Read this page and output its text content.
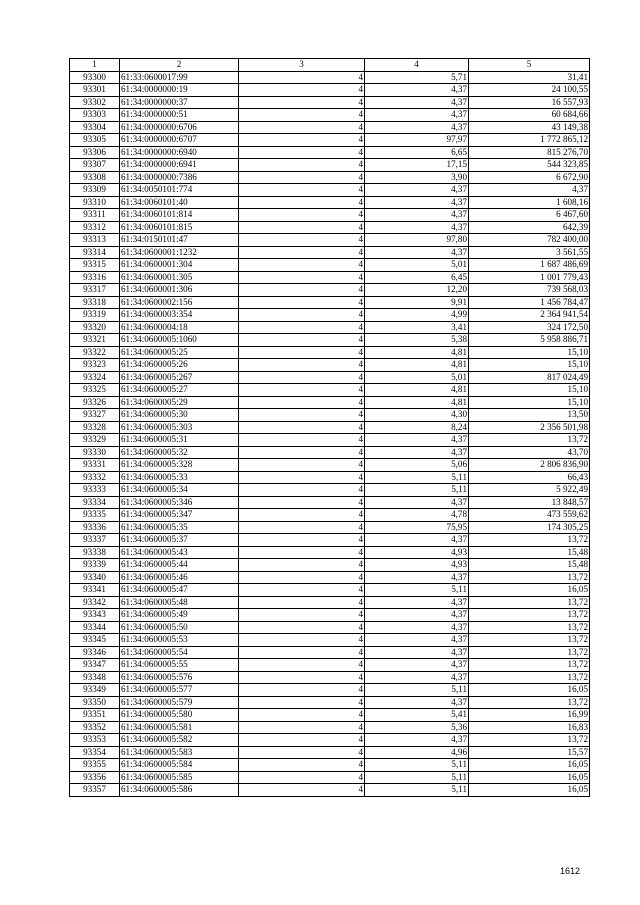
1	2	3	4	5
93300	61:33:0600017:99	4	5,71	31,41
93301	61:34:0000000:19	4	4,37	24 100,55
93302	61:34:0000000:37	4	4,37	16 557,93
93303	61:34:0000000:51	4	4,37	60 684,66
93304	61:34:0000000:6706	4	4,37	43 149,38
93305	61:34:0000000:6707	4	97,97	1 772 865,12
93306	61:34:0000000:6940	4	6,65	815 276,70
93307	61:34:0000000:6941	4	17,15	544 323,85
93308	61:34:0000000:7386	4	3,90	6 672,90
93309	61:34:0050101:774	4	4,37	4,37
93310	61:34:0060101:40	4	4,37	1 608,16
93311	61:34:0060101:814	4	4,37	6 467,60
93312	61:34:0060101:815	4	4,37	642,39
93313	61:34:0150101:47	4	97,80	782 400,00
93314	61:34:0600001:1232	4	4,37	3 561,55
93315	61:34:0600001:304	4	5,01	1 687 486,69
93316	61:34:0600001:305	4	6,45	1 001 779,43
93317	61:34:0600001:306	4	12,20	739 568,03
93318	61:34:0600002:156	4	9,91	1 456 784,47
93319	61:34:0600003:354	4	4,99	2 364 941,54
93320	61:34:0600004:18	4	3,41	324 172,50
93321	61:34:0600005:1060	4	5,38	5 958 886,71
93322	61:34:0600005:25	4	4,81	15,10
93323	61:34:0600005:26	4	4,81	15,10
93324	61:34:0600005:267	4	5,01	817 024,49
93325	61:34:0600005:27	4	4,81	15,10
93326	61:34:0600005:29	4	4,81	15,10
93327	61:34:0600005:30	4	4,30	13,50
93328	61:34:0600005:303	4	8,24	2 356 501,98
93329	61:34:0600005:31	4	4,37	13,72
93330	61:34:0600005:32	4	4,37	43,70
93331	61:34:0600005:328	4	5,06	2 806 836,90
93332	61:34:0600005:33	4	5,11	66,43
93333	61:34:0600005:34	4	5,11	5 922,49
93334	61:34:0600005:346	4	4,37	13 848,57
93335	61:34:0600005:347	4	4,78	473 559,62
93336	61:34:0600005:35	4	75,95	174 305,25
93337	61:34:0600005:37	4	4,37	13,72
93338	61:34:0600005:43	4	4,93	15,48
93339	61:34:0600005:44	4	4,93	15,48
93340	61:34:0600005:46	4	4,37	13,72
93341	61:34:0600005:47	4	5,11	16,05
93342	61:34:0600005:48	4	4,37	13,72
93343	61:34:0600005:49	4	4,37	13,72
93344	61:34:0600005:50	4	4,37	13,72
93345	61:34:0600005:53	4	4,37	13,72
93346	61:34:0600005:54	4	4,37	13,72
93347	61:34:0600005:55	4	4,37	13,72
93348	61:34:0600005:576	4	4,37	13,72
93349	61:34:0600005:577	4	5,11	16,05
93350	61:34:0600005:579	4	4,37	13,72
93351	61:34:0600005:580	4	5,41	16,99
93352	61:34:0600005:581	4	5,36	16,83
93353	61:34:0600005:582	4	4,37	13,72
93354	61:34:0600005:583	4	4,96	15,57
93355	61:34:0600005:584	4	5,11	16,05
93356	61:34:0600005:585	4	5,11	16,05
93357	61:34:0600005:586	4	5,11	16,05
1612
